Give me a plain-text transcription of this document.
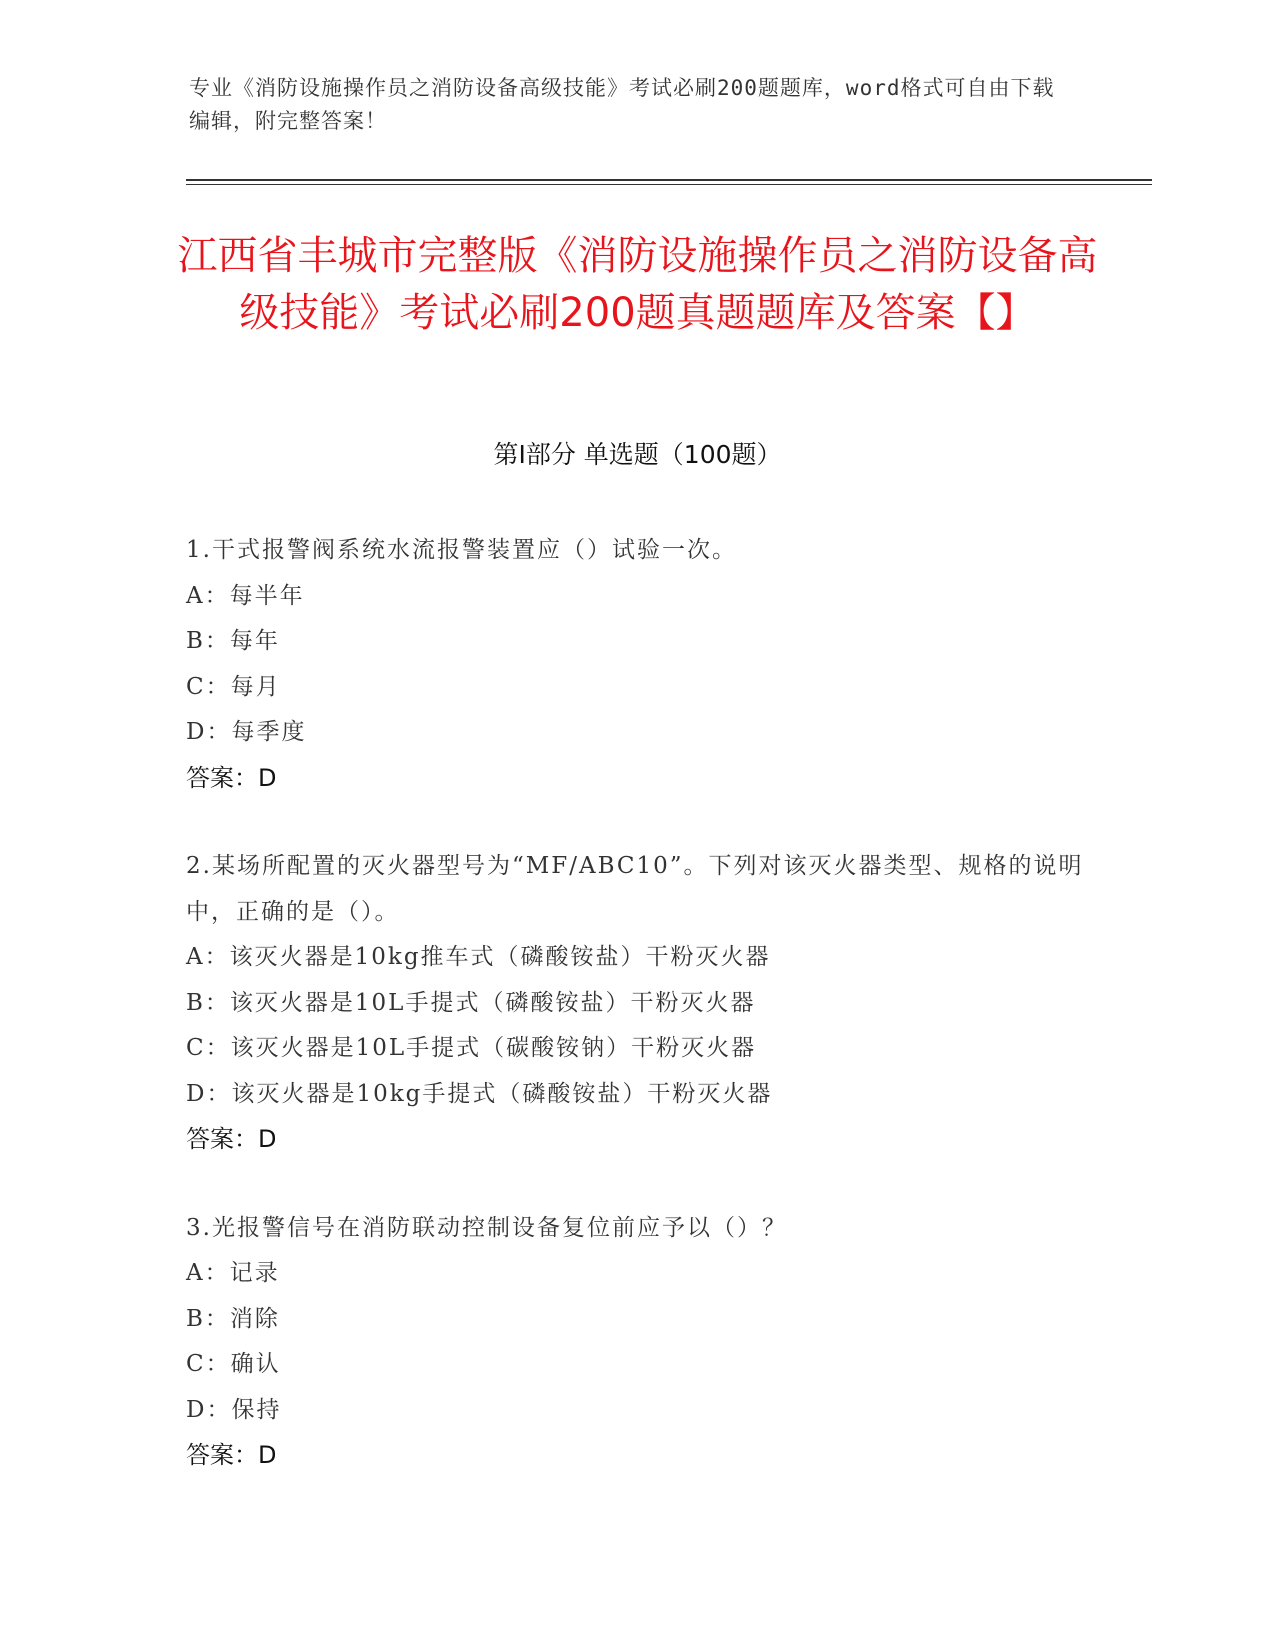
专业《消防设施操作员之消防设备高级技能》考试必刷200题题库，word格式可自由下载编辑，附完整答案！
江西省丰城市完整版《消防设施操作员之消防设备高级技能》考试必刷200题真题题库及答案【】
第Ⅰ部分 单选题（100题）
1.干式报警阀系统水流报警装置应（）试验一次。
A：每半年
B：每年
C：每月
D：每季度
答案：D
2.某场所配置的灭火器型号为“MF/ABC10”。下列对该灭火器类型、规格的说明中，正确的是（）。
A：该灭火器是10kg推车式（磷酸铵盐）干粉灭火器
B：该灭火器是10L手提式（磷酸铵盐）干粉灭火器
C：该灭火器是10L手提式（碳酸铵钠）干粉灭火器
D：该灭火器是10kg手提式（磷酸铵盐）干粉灭火器
答案：D
3.光报警信号在消防联动控制设备复位前应予以（）？
A：记录
B：消除
C：确认
D：保持
答案：D
